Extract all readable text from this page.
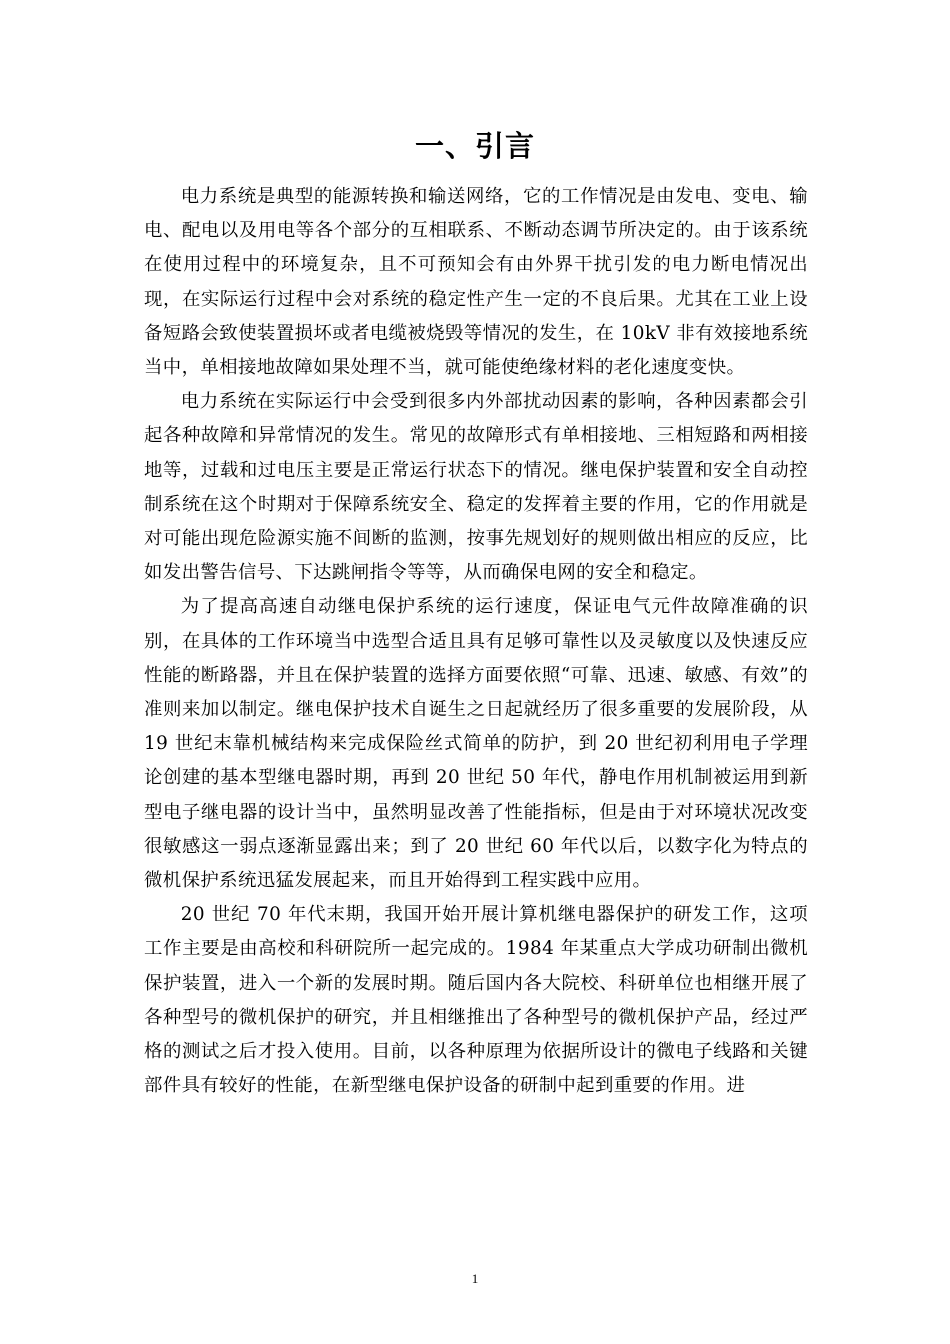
一、引言

电力系统是典型的能源转换和输送网络，它的工作情况是由发电、变电、输电、配电以及用电等各个部分的互相联系、不断动态调节所决定的。由于该系统在使用过程中的环境复杂，且不可预知会有由外界干扰引发的电力断电情况出现，在实际运行过程中会对系统的稳定性产生一定的不良后果。尤其在工业上设备短路会致使装置损坏或者电缆被烧毁等情况的发生，在 10kV 非有效接地系统当中，单相接地故障如果处理不当，就可能使绝缘材料的老化速度变快。

电力系统在实际运行中会受到很多内外部扰动因素的影响，各种因素都会引起各种故障和异常情况的发生。常见的故障形式有单相接地、三相短路和两相接地等，过载和过电压主要是正常运行状态下的情况。继电保护装置和安全自动控制系统在这个时期对于保障系统安全、稳定的发挥着主要的作用，它的作用就是对可能出现危险源实施不间断的监测，按事先规划好的规则做出相应的反应，比如发出警告信号、下达跳闸指令等等，从而确保电网的安全和稳定。

为了提高高速自动继电保护系统的运行速度，保证电气元件故障准确的识别，在具体的工作环境当中选型合适且具有足够可靠性以及灵敏度以及快速反应性能的断路器，并且在保护装置的选择方面要依照“可靠、迅速、敏感、有效”的准则来加以制定。继电保护技术自诞生之日起就经历了很多重要的发展阶段，从 19 世纪末靠机械结构来完成保险丝式简单的防护，到 20 世纪初利用电子学理论创建的基本型继电器时期，再到 20 世纪 50 年代，静电作用机制被运用到新型电子继电器的设计当中，虽然明显改善了性能指标，但是由于对环境状况改变很敏感这一弱点逐渐显露出来；到了 20 世纪 60 年代以后，以数字化为特点的微机保护系统迅猛发展起来，而且开始得到工程实践中应用。

20 世纪 70 年代末期，我国开始开展计算机继电器保护的研发工作，这项工作主要是由高校和科研院所一起完成的。1984 年某重点大学成功研制出微机保护装置，进入一个新的发展时期。随后国内各大院校、科研单位也相继开展了各种型号的微机保护的研究，并且相继推出了各种型号的微机保护产品，经过严格的测试之后才投入使用。目前，以各种原理为依据所设计的微电子线路和关键部件具有较好的性能，在新型继电保护设备的研制中起到重要的作用。进

1
